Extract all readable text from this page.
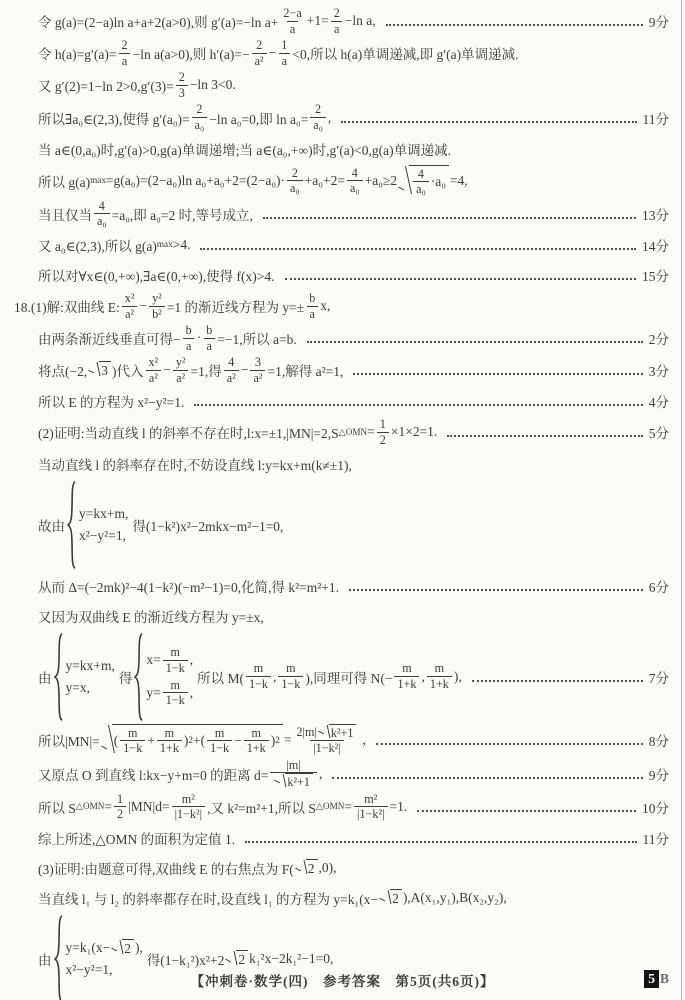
令 g(a)=(2−a)ln a+a+2(a>0),则 g′(a)=−ln $a+ \frac{2-a}{a} +1= \frac{2}{a} -\ln$ a,	9分
令 $h(a)=g'(a)= \frac{2}{a} -\ln$ a(a>0),则 $h'(a)=- \frac{2}{\text{a²}} - \frac{1}{a} <0$,所以 h(a)单调递减,即 g′(a)单调递减.
又 g′(2)=1−ln $2>0,g'(3)= \frac{2}{3} -\ln$ 3<0.
所以∃a₀∈(2,3),使得 $g'(a_0)= \frac{2}{\text{a₀}} -\ln$ a₀=0,即 $\ln a_0= \frac{2}{\text{a₀}}$ ,	11分
当 a∈(0,a₀)时,g′(a)>0,g(a)单调递增;当 a∈(a₀,+∞)时,g′(a)<0,g(a)单调递减.
所以 g(a) max =g(a₀)=(2−a₀)ln $a_0+a_0+2=(2-a_0)\cdot \frac{2}{\text{a₀}} +a_0+2= \frac{4}{\text{a₀}} +a_0\ge 2 \frac{4}{\text{a₀}} \cdot a_0 =4$,
当且仅当 $\frac{4}{\text{a₀}} =a_0$,即 a₀=2 时,等号成立,	13分
又 a₀∈(2,3),所以 g(a) max >4.	14分
所以对∀x∈(0,+∞),∃a∈(0,+∞),使得 f(x)>4.	15分
18.(1)解:双曲线 E: $\frac{\text{x²}}{\text{a²}} - \frac{\text{y²}}{\text{b²}} =1$ 的渐近线方程为 $y=\pm \frac{b}{a} x$,
由两条渐近线垂直可得− $\frac{b}{a} \cdot \frac{b}{a} =-1$,所以 a=b.	2分
将点(−2, 3 )代入 $\frac{\text{x²}}{\text{a²}} - \frac{\text{y²}}{\text{a²}} =1$,得 $\frac{4}{\text{a²}} - \frac{3}{\text{a²}} =1$,解得 a²=1,	3分
所以 E 的方程为 x²−y²=1.	4分
(2)证明:当动直线 l 的斜率不存在时,l:x=±1,|MN|=2,S △OMN = $\frac{1}{2} \times 1\times 2=1$.	5分
当动直线 l 的斜率存在时,不妨设直线 l:y=kx+m(k≠±1),
故由
y=kx+m,
x²−y²=1,
得(1−k²)x²−2mkx−m²−1=0,
从而 Δ=(−2mk)²−4(1−k²)(−m²−1)=0,化简,得 k²=m²+1.	6分
又因为双曲线 E 的渐近线方程为 y=±x,
由
y=kx+m,
y=x,
得
$x= \frac{m}{1-k}$ ,
$y= \frac{m}{1-k}$ ,
所以 $M( \frac{m}{1-k}$ , $\frac{m}{1-k}$ ),同理可得 $N(- \frac{m}{1+k}$ , $\frac{m}{1+k}$ ),	7分
所以|MN|= ( $\frac{m}{1-k} + \frac{m}{1+k}$ ) 2 +( $\frac{m}{1-k} - \frac{m}{1+k}$ ) $2 = \frac{\text{2|m| k²+1}}{\text{|1−k²|}}$ ,	8分
又原点 O 到直线 l:kx−y+m=0 的距离 $d= \frac{|m|}{\text{k²+1}}$ ,	9分
所以 S △OMN = $\frac{1}{2} |MN|d= \frac{\text{m²}}{\text{|1−k²|}}$ ,又 k²=m²+1,所以 S △OMN = $\frac{\text{m²}}{\text{|1−k²|}} =1$.	10分
综上所述,△OMN 的面积为定值 1.	11分
(3)证明:由题意可得,双曲线 E 的右焦点为 F( 2 ,0),
当直线 l₁ 与 l₂ 的斜率都存在时,设直线 l₁ 的方程为 y=k₁(x− 2 ),A(x₁,y₁),B(x₂,y₂),
由
y=k₁(x− 2 ),
x²−y²=1,
得(1−k₁²)x²+2 2 k₁²x−2k₁²−1=0,
【冲刺卷·数学(四)　参考答案　第5页(共6页)】	5 B
